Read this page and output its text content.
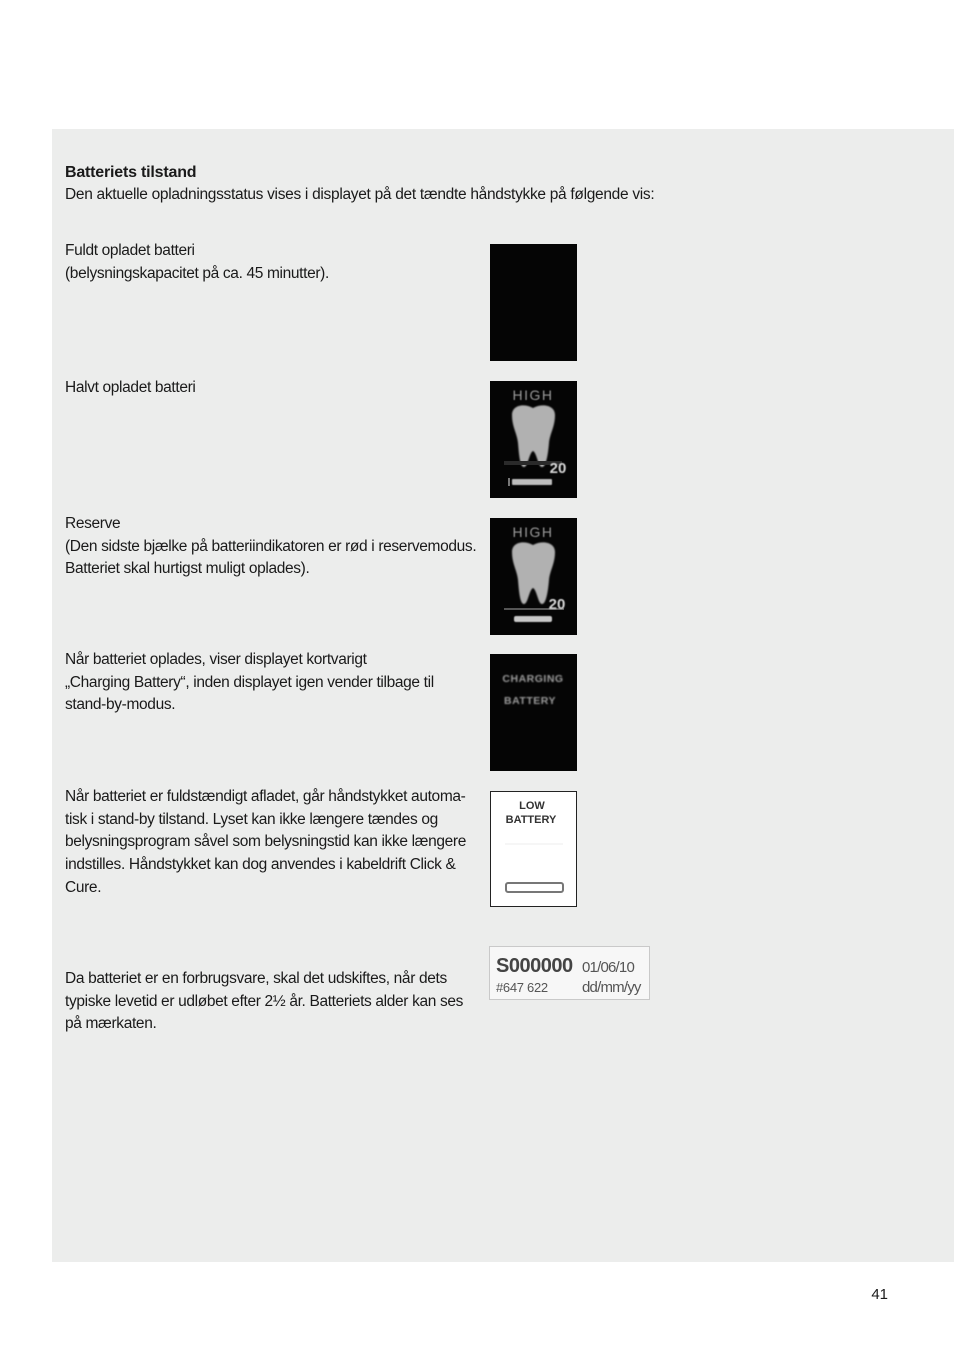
Batteriets tilstand
Den aktuelle opladningsstatus vises i displayet på det tændte håndstykke på følgende vis:
Fuldt opladet batteri
(belysningskapacitet på ca. 45 minutter).
Halvt opladet batteri	HIGH
20
Reserve
(Den sidste bjælke på batteriindikatoren er rød i reservemodus.
Batteriet skal hurtigst muligt oplades).
HIGH
20
Når batteriet oplades, viser displayet kortvarigt
„Charging Battery“, inden displayet igen vender tilbage til
stand-by-modus.
CHARGING
BATTERY
Når batteriet er fuldstændigt afladet, går håndstykket automa-
tisk i stand-by tilstand. Lyset kan ikke længere tændes og
belysningsprogram såvel som belysningstid kan ikke længere
indstilles. Håndstykket kan dog anvendes i kabeldrift Click &
Cure.
LOW
BATTERY
Da batteriet er en forbrugsvare, skal det udskiftes, når dets
typiske levetid er udløbet efter 2½ år. Batteriets alder kan ses
på mærkaten.
S000000 01/06/10
#647 622 dd/mm/yy
41
